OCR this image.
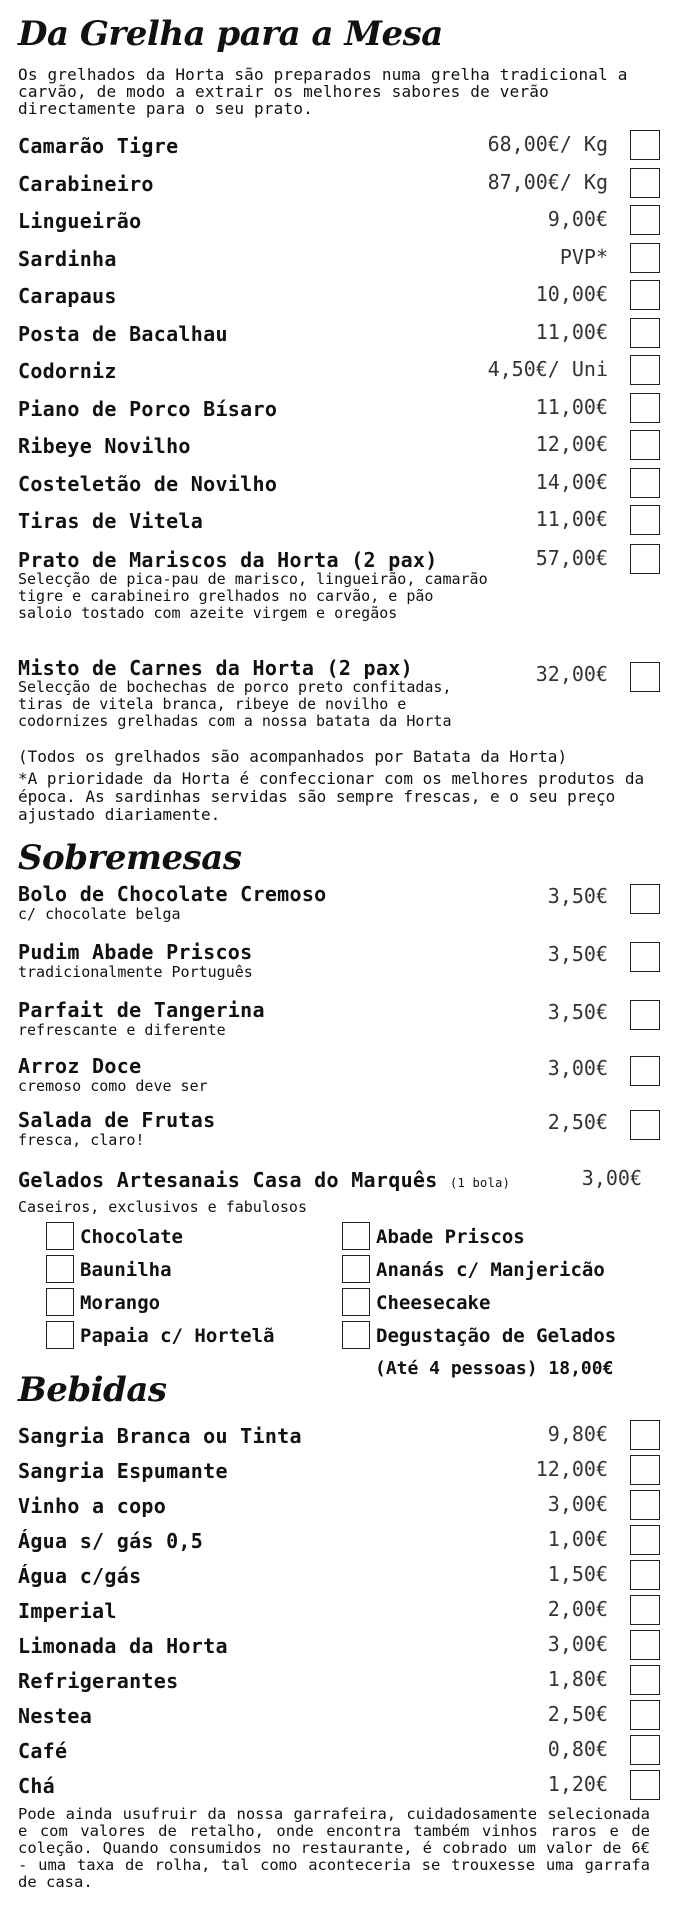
Da Grelha para a Mesa
Os grelhados da Horta são preparados numa grelha tradicional a carvão, de modo a extrair os melhores sabores de verão directamente para o seu prato.
Camarão Tigre	68,00€/ Kg
Carabineiro	87,00€/ Kg
Lingueirão	9,00€
Sardinha	PVP*
Carapaus	10,00€
Posta de Bacalhau	11,00€
Codorniz	4,50€/ Uni
Piano de Porco Bísaro	11,00€
Ribeye Novilho	12,00€
Costeletão de Novilho	14,00€
Tiras de Vitela	11,00€
Prato de Mariscos da Horta (2 pax)	57,00€
Selecção de pica-pau de marisco, lingueirão, camarão
tigre e carabineiro grelhados no carvão, e pão
saloio tostado com azeite virgem e oregãos
Misto de Carnes da Horta (2 pax)	32,00€
Selecção de bochechas de porco preto confitadas,
tiras de vitela branca, ribeye de novilho e
codornizes grelhadas com a nossa batata da Horta
(Todos os grelhados são acompanhados por Batata da Horta)
*A prioridade da Horta é confeccionar com os melhores produtos da época. As sardinhas servidas são sempre frescas, e o seu preço ajustado diariamente.
Sobremesas
Bolo de Chocolate Cremoso	3,50€
c/ chocolate belga
Pudim Abade Priscos	3,50€
tradicionalmente Português
Parfait de Tangerina	3,50€
refrescante e diferente
Arroz Doce	3,00€
cremoso como deve ser
Salada de Frutas	2,50€
fresca, claro!
Gelados Artesanais Casa do Marquês (1 bola)	3,00€
Caseiros, exclusivos e fabulosos
Chocolate
Baunilha
Morango
Papaia c/ Hortelã
Abade Priscos
Ananás c/ Manjericão
Cheesecake
Degustação de Gelados
(Até 4 pessoas) 18,00€
Bebidas
Sangria Branca ou Tinta	9,80€
Sangria Espumante	12,00€
Vinho a copo	3,00€
Água s/ gás 0,5	1,00€
Água c/gás	1,50€
Imperial	2,00€
Limonada da Horta	3,00€
Refrigerantes	1,80€
Nestea	2,50€
Café	0,80€
Chá	1,20€
Pode ainda usufruir da nossa garrafeira, cuidadosamente selecionada e com valores de retalho, onde encontra também vinhos raros e de coleção. Quando consumidos no restaurante, é cobrado um valor de 6€ - uma taxa de rolha, tal como aconteceria se trouxesse uma garrafa de casa.
